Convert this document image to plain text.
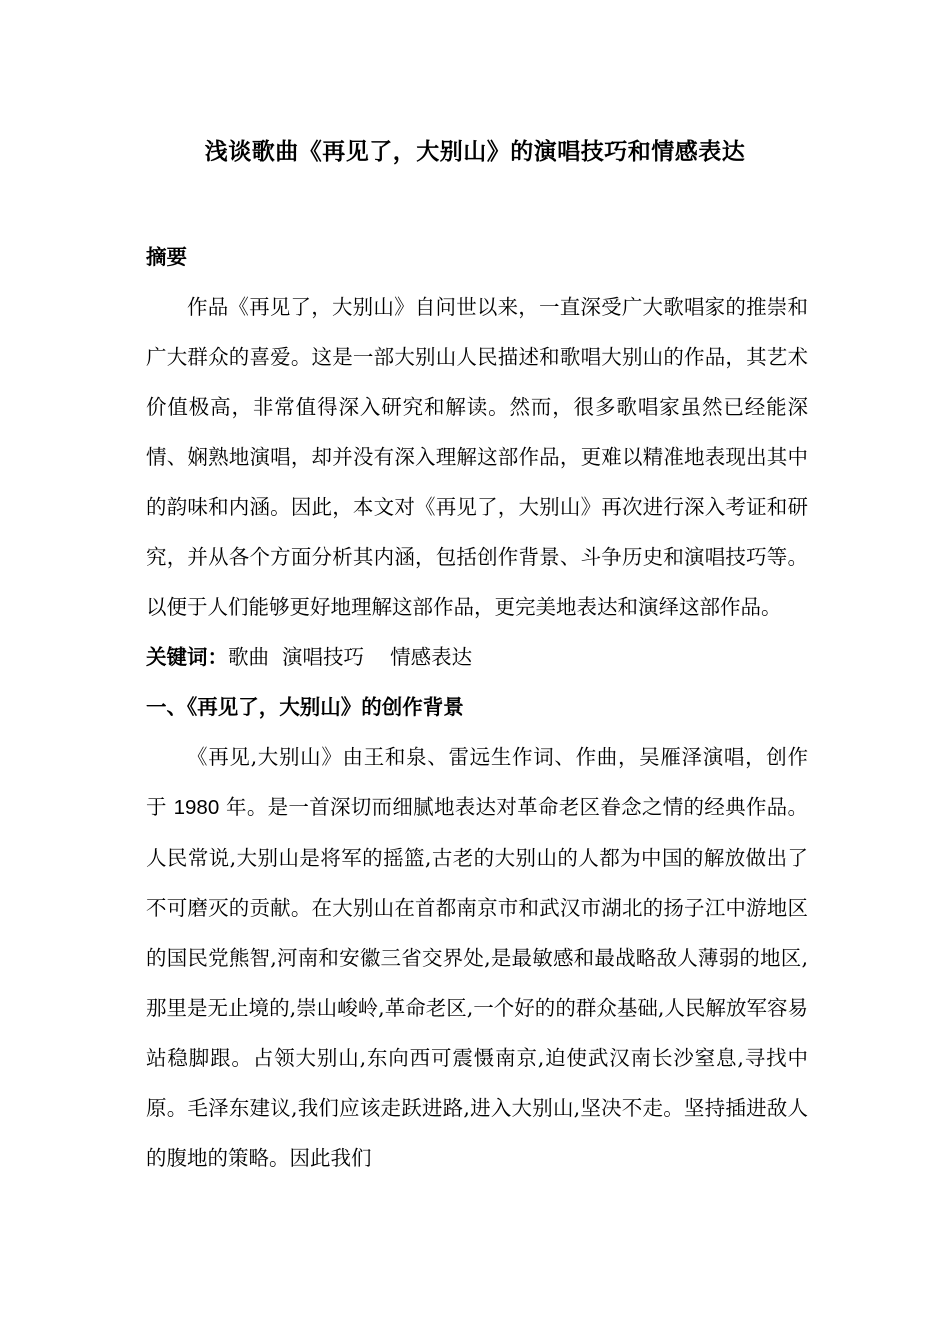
浅谈歌曲《再见了，大别山》的演唱技巧和情感表达

摘要

作品《再见了，大别山》自问世以来，一直深受广大歌唱家的推崇和广大群众的喜爱。这是一部大别山人民描述和歌唱大别山的作品，其艺术价值极高，非常值得深入研究和解读。然而，很多歌唱家虽然已经能深情、娴熟地演唱，却并没有深入理解这部作品，更难以精准地表现出其中的韵味和内涵。因此，本文对《再见了，大别山》再次进行深入考证和研究，并从各个方面分析其内涵，包括创作背景、斗争历史和演唱技巧等。以便于人们能够更好地理解这部作品，更完美地表达和演绎这部作品。

关键词：歌曲 演唱技巧 情感表达

一、《再见了，大别山》的创作背景

《再见,大别山》由王和泉、雷远生作词、作曲，吴雁泽演唱，创作于 1980 年。是一首深切而细腻地表达对革命老区眷念之情的经典作品。人民常说,大别山是将军的摇篮,古老的大别山的人都为中国的解放做出了不可磨灭的贡献。在大别山在首都南京市和武汉市湖北的扬子江中游地区的国民党熊智,河南和安徽三省交界处,是最敏感和最战略敌人薄弱的地区,那里是无止境的,崇山峻岭,革命老区,一个好的的群众基础,人民解放军容易站稳脚跟。占领大别山,东向西可震慑南京,迫使武汉南长沙窒息,寻找中原。毛泽东建议,我们应该走跃进路,进入大别山,坚决不走。坚持插进敌人的腹地的策略。因此我们
